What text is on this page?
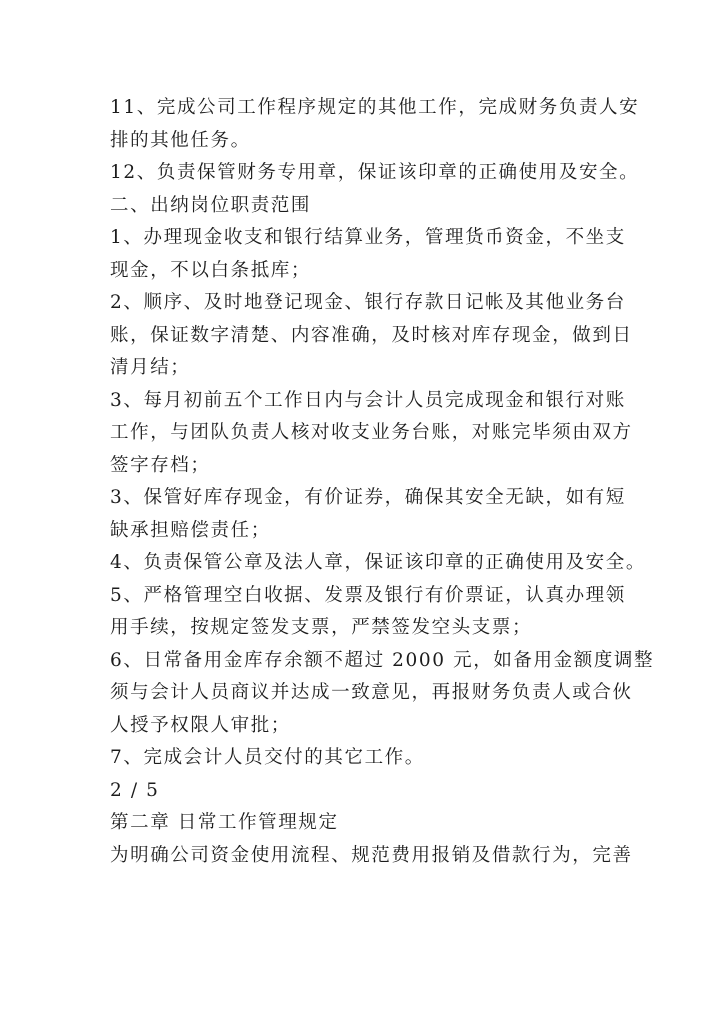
11、完成公司工作程序规定的其他工作，完成财务负责人安
排的其他任务。
12、负责保管财务专用章，保证该印章的正确使用及安全。
二、出纳岗位职责范围
1、办理现金收支和银行结算业务，管理货币资金，不坐支
现金，不以白条抵库；
2、顺序、及时地登记现金、银行存款日记帐及其他业务台
账，保证数字清楚、内容准确，及时核对库存现金，做到日
清月结；
3、每月初前五个工作日内与会计人员完成现金和银行对账
工作，与团队负责人核对收支业务台账，对账完毕须由双方
签字存档；
3、保管好库存现金，有价证券，确保其安全无缺，如有短
缺承担赔偿责任；
4、负责保管公章及法人章，保证该印章的正确使用及安全。
5、严格管理空白收据、发票及银行有价票证，认真办理领
用手续，按规定签发支票，严禁签发空头支票；
6、日常备用金库存余额不超过 2000 元，如备用金额度调整
须与会计人员商议并达成一致意见，再报财务负责人或合伙
人授予权限人审批；
7、完成会计人员交付的其它工作。
2 / 5
第二章 日常工作管理规定
为明确公司资金使用流程、规范费用报销及借款行为，完善
